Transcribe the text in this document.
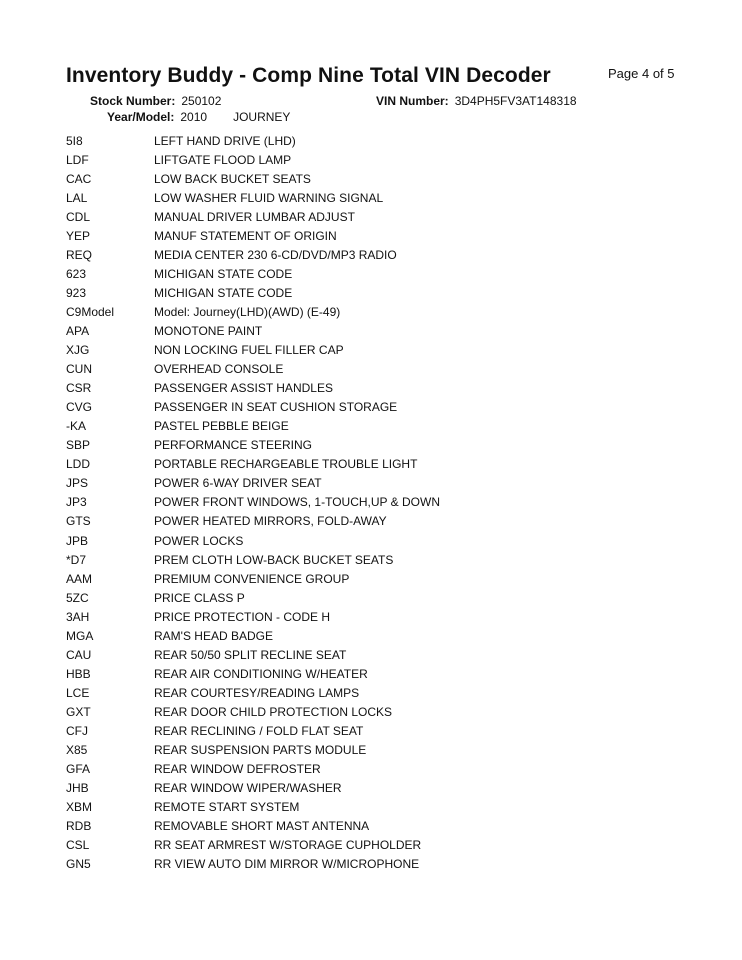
Inventory Buddy - Comp Nine Total VIN Decoder	Page 4 of 5
Stock Number: 250102	VIN Number: 3D4PH5FV3AT148318
Year/Model: 2010 JOURNEY
5I8	LEFT HAND DRIVE (LHD)
LDF	LIFTGATE FLOOD LAMP
CAC	LOW BACK BUCKET SEATS
LAL	LOW WASHER FLUID WARNING SIGNAL
CDL	MANUAL DRIVER LUMBAR ADJUST
YEP	MANUF STATEMENT OF ORIGIN
REQ	MEDIA CENTER 230 6-CD/DVD/MP3 RADIO
623	MICHIGAN STATE CODE
923	MICHIGAN STATE CODE
C9Model	Model: Journey(LHD)(AWD) (E-49)
APA	MONOTONE PAINT
XJG	NON LOCKING FUEL FILLER CAP
CUN	OVERHEAD CONSOLE
CSR	PASSENGER ASSIST HANDLES
CVG	PASSENGER IN SEAT CUSHION STORAGE
-KA	PASTEL PEBBLE BEIGE
SBP	PERFORMANCE STEERING
LDD	PORTABLE RECHARGEABLE TROUBLE LIGHT
JPS	POWER 6-WAY DRIVER SEAT
JP3	POWER FRONT WINDOWS, 1-TOUCH,UP & DOWN
GTS	POWER HEATED MIRRORS, FOLD-AWAY
JPB	POWER LOCKS
*D7	PREM CLOTH LOW-BACK BUCKET SEATS
AAM	PREMIUM CONVENIENCE GROUP
5ZC	PRICE CLASS P
3AH	PRICE PROTECTION - CODE H
MGA	RAM'S HEAD BADGE
CAU	REAR 50/50 SPLIT RECLINE SEAT
HBB	REAR AIR CONDITIONING W/HEATER
LCE	REAR COURTESY/READING LAMPS
GXT	REAR DOOR CHILD PROTECTION LOCKS
CFJ	REAR RECLINING / FOLD FLAT SEAT
X85	REAR SUSPENSION PARTS MODULE
GFA	REAR WINDOW DEFROSTER
JHB	REAR WINDOW WIPER/WASHER
XBM	REMOTE START SYSTEM
RDB	REMOVABLE SHORT MAST ANTENNA
CSL	RR SEAT ARMREST W/STORAGE CUPHOLDER
GN5	RR VIEW AUTO DIM MIRROR W/MICROPHONE
